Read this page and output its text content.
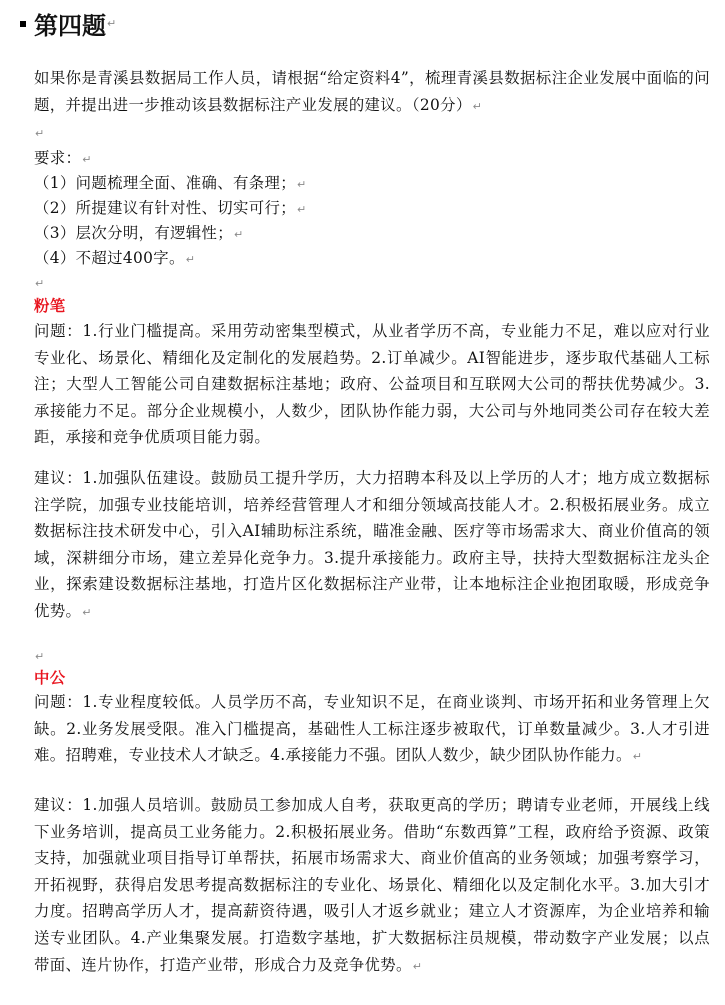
第四题 ↵
如果你是青溪县数据局工作人员，请根据“给定资料4”，梳理青溪县数据标注企业发展中面临的问题，并提出进一步推动该县数据标注产业发展的建议。（20分）↵
↵
要求：↵
（1）问题梳理全面、准确、有条理；↵
（2）所提建议有针对性、切实可行；↵
（3）层次分明，有逻辑性；↵
（4）不超过400字。↵
↵
粉笔
问题：1.行业门槛提高。采用劳动密集型模式，从业者学历不高，专业能力不足，难以应对行业专业化、场景化、精细化及定制化的发展趋势。2.订单减少。AI智能进步，逐步取代基础人工标注；大型人工智能公司自建数据标注基地；政府、公益项目和互联网大公司的帮扶优势减少。3.承接能力不足。部分企业规模小，人数少，团队协作能力弱，大公司与外地同类公司存在较大差距，承接和竞争优质项目能力弱。
建议：1.加强队伍建设。鼓励员工提升学历，大力招聘本科及以上学历的人才；地方成立数据标注学院，加强专业技能培训，培养经营管理人才和细分领域高技能人才。2.积极拓展业务。成立数据标注技术研发中心，引入AI辅助标注系统，瞄准金融、医疗等市场需求大、商业价值高的领域，深耕细分市场，建立差异化竞争力。3.提升承接能力。政府主导，扶持大型数据标注龙头企业，探索建设数据标注基地，打造片区化数据标注产业带，让本地标注企业抱团取暖，形成竞争优势。↵
↵
中公
问题：1.专业程度较低。人员学历不高，专业知识不足，在商业谈判、市场开拓和业务管理上欠缺。2.业务发展受限。准入门槛提高，基础性人工标注逐步被取代，订单数量减少。3.人才引进难。招聘难，专业技术人才缺乏。4.承接能力不强。团队人数少，缺少团队协作能力。↵
建议：1.加强人员培训。鼓励员工参加成人自考，获取更高的学历；聘请专业老师，开展线上线下业务培训，提高员工业务能力。2.积极拓展业务。借助“东数西算”工程，政府给予资源、政策支持，加强就业项目指导订单帮扶，拓展市场需求大、商业价值高的业务领域；加强考察学习，开拓视野，获得启发思考提高数据标注的专业化、场景化、精细化以及定制化水平。3.加大引才力度。招聘高学历人才，提高薪资待遇，吸引人才返乡就业；建立人才资源库，为企业培养和输送专业团队。4.产业集聚发展。打造数字基地，扩大数据标注员规模，带动数字产业发展；以点带面、连片协作，打造产业带，形成合力及竞争优势。↵
